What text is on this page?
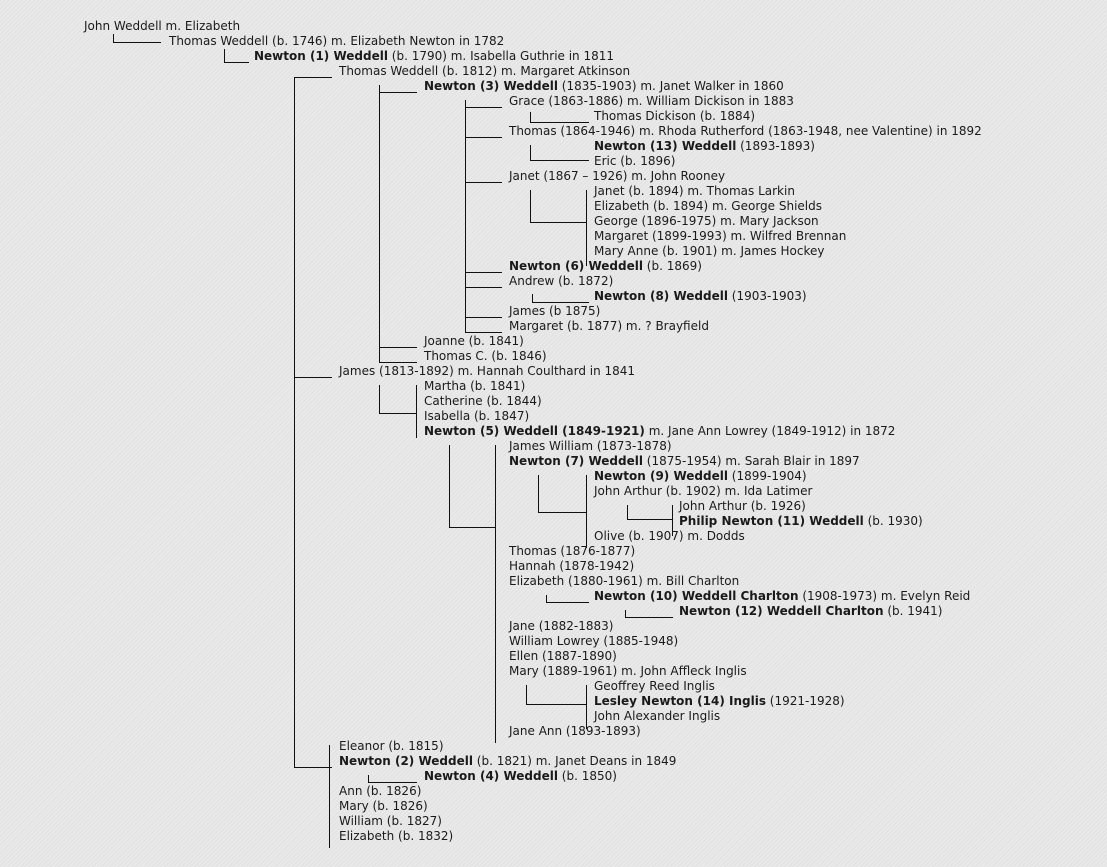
John Weddell m. Elizabeth
Thomas Weddell (b. 1746) m. Elizabeth Newton in 1782
Newton (1) Weddell (b. 1790) m. Isabella Guthrie in 1811
Thomas Weddell (b. 1812) m. Margaret Atkinson
Newton (3) Weddell (1835-1903) m. Janet Walker in 1860
Grace (1863-1886) m. William Dickison in 1883
Thomas Dickison (b. 1884)
Thomas (1864-1946) m. Rhoda Rutherford (1863-1948, nee Valentine) in 1892
Newton (13) Weddell (1893-1893)
Eric (b. 1896)
Janet (1867 – 1926) m. John Rooney
Janet (b. 1894) m. Thomas Larkin
Elizabeth (b. 1894) m. George Shields
George (1896-1975) m. Mary Jackson
Margaret (1899-1993) m. Wilfred Brennan
Mary Anne (b. 1901) m. James Hockey
Newton (6) Weddell (b. 1869)
Andrew (b. 1872)
Newton (8) Weddell (1903-1903)
James (b 1875)
Margaret (b. 1877) m. ? Brayfield
Joanne (b. 1841)
Thomas C. (b. 1846)
James (1813-1892) m. Hannah Coulthard in 1841
Martha (b. 1841)
Catherine (b. 1844)
Isabella (b. 1847)
Newton (5) Weddell (1849-1921) m. Jane Ann Lowrey (1849-1912) in 1872
James William (1873-1878)
Newton (7) Weddell (1875-1954) m. Sarah Blair in 1897
Newton (9) Weddell (1899-1904)
John Arthur (b. 1902) m. Ida Latimer
John Arthur (b. 1926)
Philip Newton (11) Weddell (b. 1930)
Olive (b. 1907) m. Dodds
Thomas (1876-1877)
Hannah (1878-1942)
Elizabeth (1880-1961) m. Bill Charlton
Newton (10) Weddell Charlton (1908-1973) m. Evelyn Reid
Newton (12) Weddell Charlton (b. 1941)
Jane (1882-1883)
William Lowrey (1885-1948)
Ellen (1887-1890)
Mary (1889-1961) m. John Affleck Inglis
Geoffrey Reed Inglis
Lesley Newton (14) Inglis (1921-1928)
John Alexander Inglis
Jane Ann (1893-1893)
Eleanor (b. 1815)
Newton (2) Weddell (b. 1821) m. Janet Deans in 1849
Newton (4) Weddell (b. 1850)
Ann (b. 1826)
Mary (b. 1826)
William (b. 1827)
Elizabeth (b. 1832)
